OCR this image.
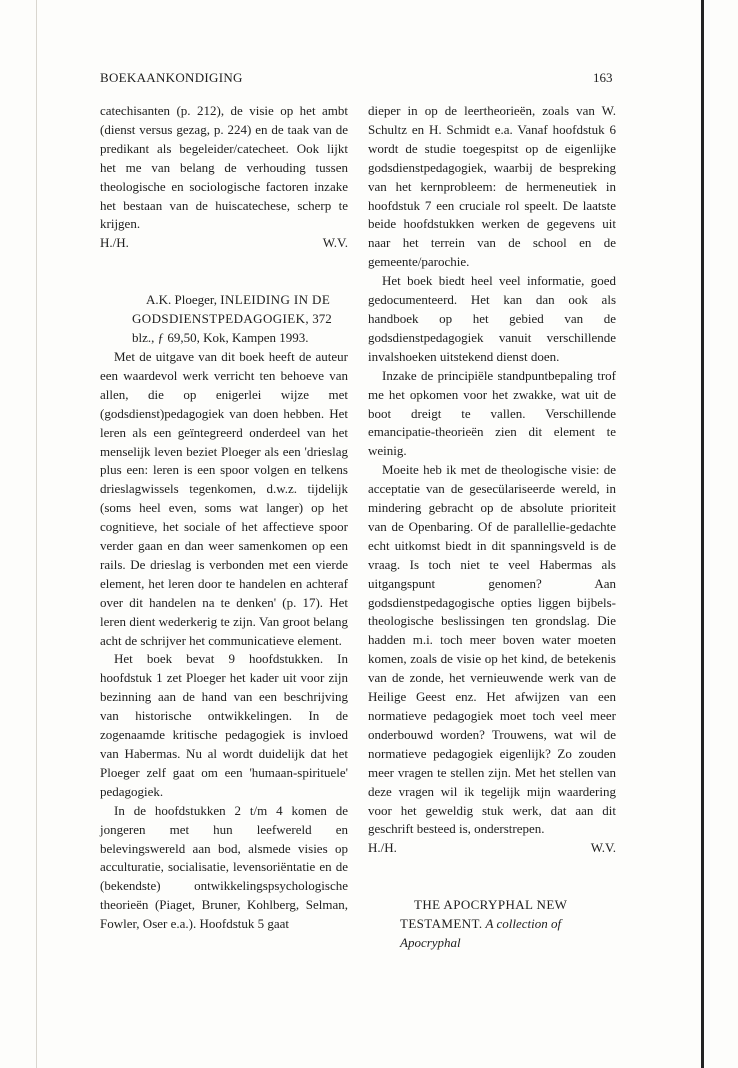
BOEKAANKONDIGING	163

catechisanten (p. 212), de visie op het ambt (dienst versus gezag, p. 224) en de taak van de predikant als begeleider/catecheet. Ook lijkt het me van belang de verhouding tussen theologische en sociologische factoren inzake het bestaan van de huiscatechese, scherp te krijgen.

H./H.	W.V.

A.K. Ploeger, INLEIDING IN DE GODSDIENSTPEDAGOGIEK, 372 blz., ƒ 69,50, Kok, Kampen 1993.

Met de uitgave van dit boek heeft de auteur een waardevol werk verricht ten behoeve van allen, die op enigerlei wijze met (godsdienst)pedagogiek van doen hebben. Het leren als een geïntegreerd onderdeel van het menselijk leven beziet Ploeger als een 'drieslag plus een: leren is een spoor volgen en telkens drieslagwissels tegenkomen, d.w.z. tijdelijk (soms heel even, soms wat langer) op het cognitieve, het sociale of het affectieve spoor verder gaan en dan weer samenkomen op een rails. De drieslag is verbonden met een vierde element, het leren door te handelen en achteraf over dit handelen na te denken' (p. 17). Het leren dient wederkerig te zijn. Van groot belang acht de schrijver het communicatieve element.

Het boek bevat 9 hoofdstukken. In hoofdstuk 1 zet Ploeger het kader uit voor zijn bezinning aan de hand van een beschrijving van historische ontwikkelingen. In de zogenaamde kritische pedagogiek is invloed van Habermas. Nu al wordt duidelijk dat het Ploeger zelf gaat om een 'humaan-spirituele' pedagogiek.

In de hoofdstukken 2 t/m 4 komen de jongeren met hun leefwereld en belevingswereld aan bod, alsmede visies op acculturatie, socialisatie, levensoriëntatie en de (bekendste) ontwikkelingspsychologische theorieën (Piaget, Bruner, Kohlberg, Selman, Fowler, Oser e.a.). Hoofdstuk 5 gaat

dieper in op de leertheorieën, zoals van W. Schultz en H. Schmidt e.a. Vanaf hoofdstuk 6 wordt de studie toegespitst op de eigenlijke godsdienstpedagogiek, waarbij de bespreking van het kernprobleem: de hermeneutiek in hoofdstuk 7 een cruciale rol speelt. De laatste beide hoofdstukken werken de gegevens uit naar het terrein van de school en de gemeente/parochie.

Het boek biedt heel veel informatie, goed gedocumenteerd. Het kan dan ook als handboek op het gebied van de godsdienstpedagogiek vanuit verschillende invalshoeken uitstekend dienst doen.

Inzake de principiële standpuntbepaling trof me het opkomen voor het zwakke, wat uit de boot dreigt te vallen. Verschillende emancipatie-theorieën zien dit element te weinig.

Moeite heb ik met de theologische visie: de acceptatie van de gesecülariseerde wereld, in mindering gebracht op de absolute prioriteit van de Openbaring. Of de parallellie-gedachte echt uitkomst biedt in dit spanningsveld is de vraag. Is toch niet te veel Habermas als uitgangspunt genomen? Aan godsdienstpedagogische opties liggen bijbels-theologische beslissingen ten grondslag. Die hadden m.i. toch meer boven water moeten komen, zoals de visie op het kind, de betekenis van de zonde, het vernieuwende werk van de Heilige Geest enz. Het afwijzen van een normatieve pedagogiek moet toch veel meer onderbouwd worden? Trouwens, wat wil de normatieve pedagogiek eigenlijk? Zo zouden meer vragen te stellen zijn. Met het stellen van deze vragen wil ik tegelijk mijn waardering voor het geweldig stuk werk, dat aan dit geschrift besteed is, onderstrepen.

H./H.	W.V.

THE APOCRYPHAL NEW TESTAMENT. A collection of Apocryphal
